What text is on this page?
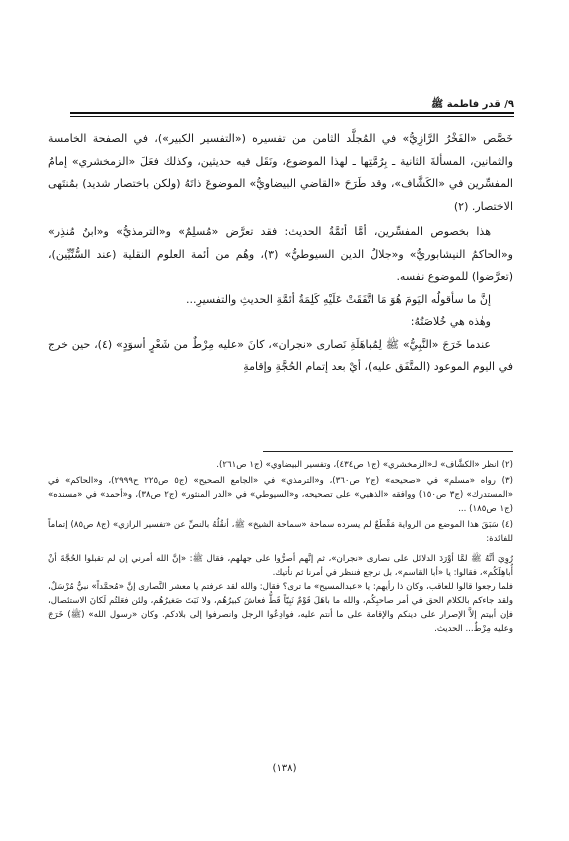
٩/ قدر فاطمة ﷺ

خَصَّص «الفَخْرُ الرَّازِيُّ» في المُجلَّد الثامن من تفسيره («التفسير الكبير»)، في الصفحة الخامسة والثمانين، المسألةَ الثانية ـ بِرُمَّتِها ـ لهذا الموضوع، ونَقَل فيه حديثين، وكذلك فعَلَ «الزمخشري» إمامُ المفسِّرين في «الكَشَّاف»، وقد طَرَحَ «القاضي البيضاويُّ» الموضوعَ ذاتَهُ (ولكن باختصار شديد) بمُنتَهى الاختصار. (٢)

هذا بخصوص المفسِّرين، أمَّا أئمَّةُ الحديث: فقد تعرَّض «مُسلِمٌ» و«الترمذيُّ» و«ابنُ مُنذِر» و«الحاكمُ النيشابوريُّ» و«جلالُ الدين السيوطيُّ» (٣)، وهُم من أئمة العلوم النقلية (عند السُّنِّيِّين)، (تعرَّضوا) للموضوع نفسه.

إنَّ ما سأقولُه اليَومَ هُوَ مَا اتَّفَقَتْ عَلَيْهِ كَلِمَةُ أئمَّةِ الحديثِ والتفسيرِ...

وهٰذه هي خُلاصَتُهُ:

عندما خَرَجَ «النَّبِيُّ» ﷺ لِمُباهَلَةِ نَصارى «نجران»، كانَ «عليه مِرْطٌ من شَعْرٍ أسوَدٍ» (٤)، حين خرج في اليوم الموعود (المتَّفَق عليه)، أيْ بعد إتمام الحُجَّةِ وإقامةِ

(٢) انظر «الكشَّاف» لـ«الزمخشري» (ج١ ص٤٣٤)، وتفسير البيضاوي» (ج١ ص٢٦١).

(٣) رواه «مسلم» في «صحيحه» (ج٢ ص٣٦٠)، و«الترمذي» في «الجامع الصحيح» (ج٥ ص٢٢٥ ح٢٩٩٩)، و«الحاكم» في «المستدرك» (ج٣ ص١٥٠) ووافقه «الذهبي» على تصحيحه، و«السيوطي» في «الدر المنثور» (ج٢ ص٣٨)، و«أحمد» في «مسنده» (ج١ ص١٨٥) ...

(٤) سَبَقَ هذا الموضع من الرواية مَقْطَعٌ لم يسرده سماحة «سماحة الشيخ» ﷺ، أنقُلُهُ بالنصِّ عن «تفسير الرازي» (ج٨ ص٨٥) إتماماً للفائدة:

رُوِيَ أنَّهُ ﷺ لمَّا أوْرَدَ الدلائل على نصارى «نجران»، ثم إنَّهم أصرُّوا على جهلهم، فقال ﷺ: «إنَّ الله أمرني إن لم تقبلوا الحُجَّةَ أنْ أُباهِلَكُم»، فقالوا: يا «أبا القاسم»، بل نرجع فننظر في أمرنا ثم نأتيك.

فلما رجعوا قالوا للعاقب، وكان ذا رأيهم: يا «عبدالمسيح» ما ترى؟ فقال: والله لقد عرفتم يا معشر النَّصارى إنَّ «مُحمَّداً» نبيٌّ مُرْسَلٌ، ولقد جاءكم بالكلام الحق في أمر صاحبِكُم، والله ما باهَلَ قَوْمٌ نَبِيّاً قَطُّ فعاشَ كبيرُهُم، ولا نَبَتَ صَغيرُهُم، ولئن فعَلتُم لَكانَ الاستئصال، فإن أبيتم إلاَّ الإصرار على دينكم والإقامة على ما أنتم عليه، فوادِعُوا الرجل وانصرفوا إلى بلادكم. وكان «رسول الله» (ﷺ) خَرَجَ وعليه مِرْطٌ... الحديث.

(١٣٨)
